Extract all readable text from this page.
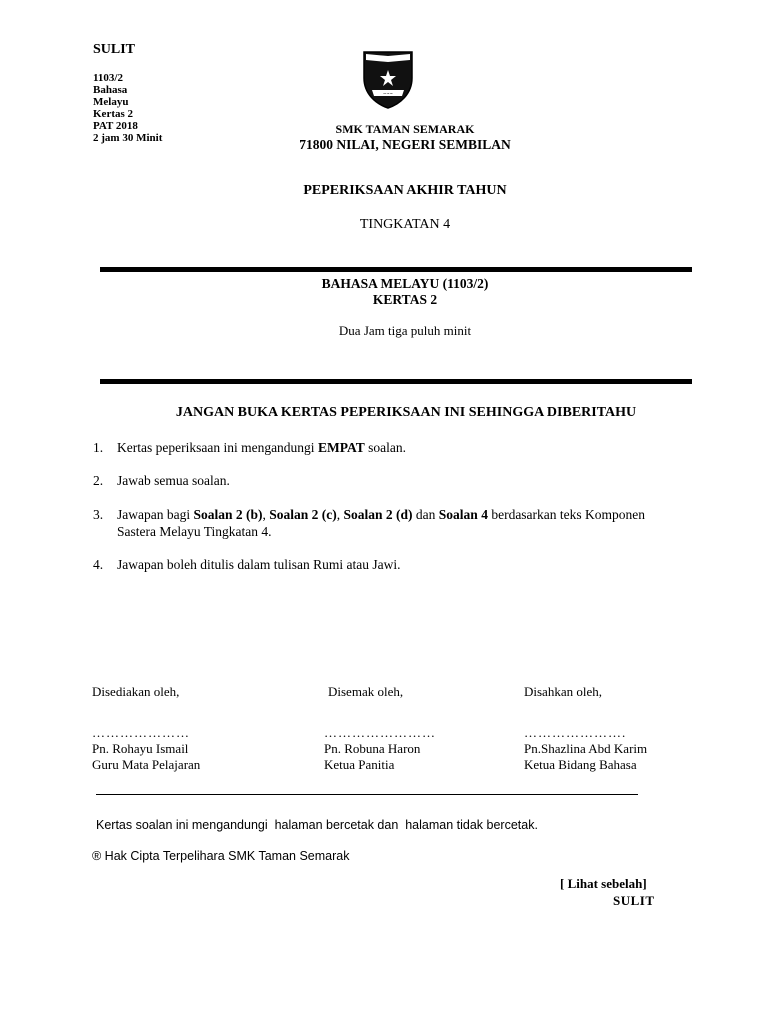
SULIT
1103/2
Bahasa
Melayu
Kertas 2
PAT 2018
2 jam 30 Minit
~~~
SMK TAMAN SEMARAK
71800 NILAI, NEGERI SEMBILAN
PEPERIKSAAN AKHIR TAHUN
TINGKATAN 4
BAHASA MELAYU (1103/2)
KERTAS 2
Dua Jam tiga puluh minit
JANGAN BUKA KERTAS PEPERIKSAAN INI SEHINGGA DIBERITAHU
1. Kertas peperiksaan ini mengandungi EMPAT soalan.
2. Jawab semua soalan.
3. Jawapan bagi Soalan 2 (b), Soalan 2 (c), Soalan 2 (d) dan Soalan 4 berdasarkan teks Komponen Sastera Melayu Tingkatan 4.
4. Jawapan boleh ditulis dalam tulisan Rumi atau Jawi.
Disediakan oleh,
…………………
Pn. Rohayu Ismail
Guru Mata Pelajaran
Disemak oleh,
……………………
Pn. Robuna Haron
Ketua Panitia
Disahkan oleh,
………………….
Pn.Shazlina Abd Karim
Ketua Bidang Bahasa
Kertas soalan ini mengandungi  halaman bercetak dan  halaman tidak bercetak.
® Hak Cipta Terpelihara SMK Taman Semarak
[ Lihat sebelah]
SULIT
